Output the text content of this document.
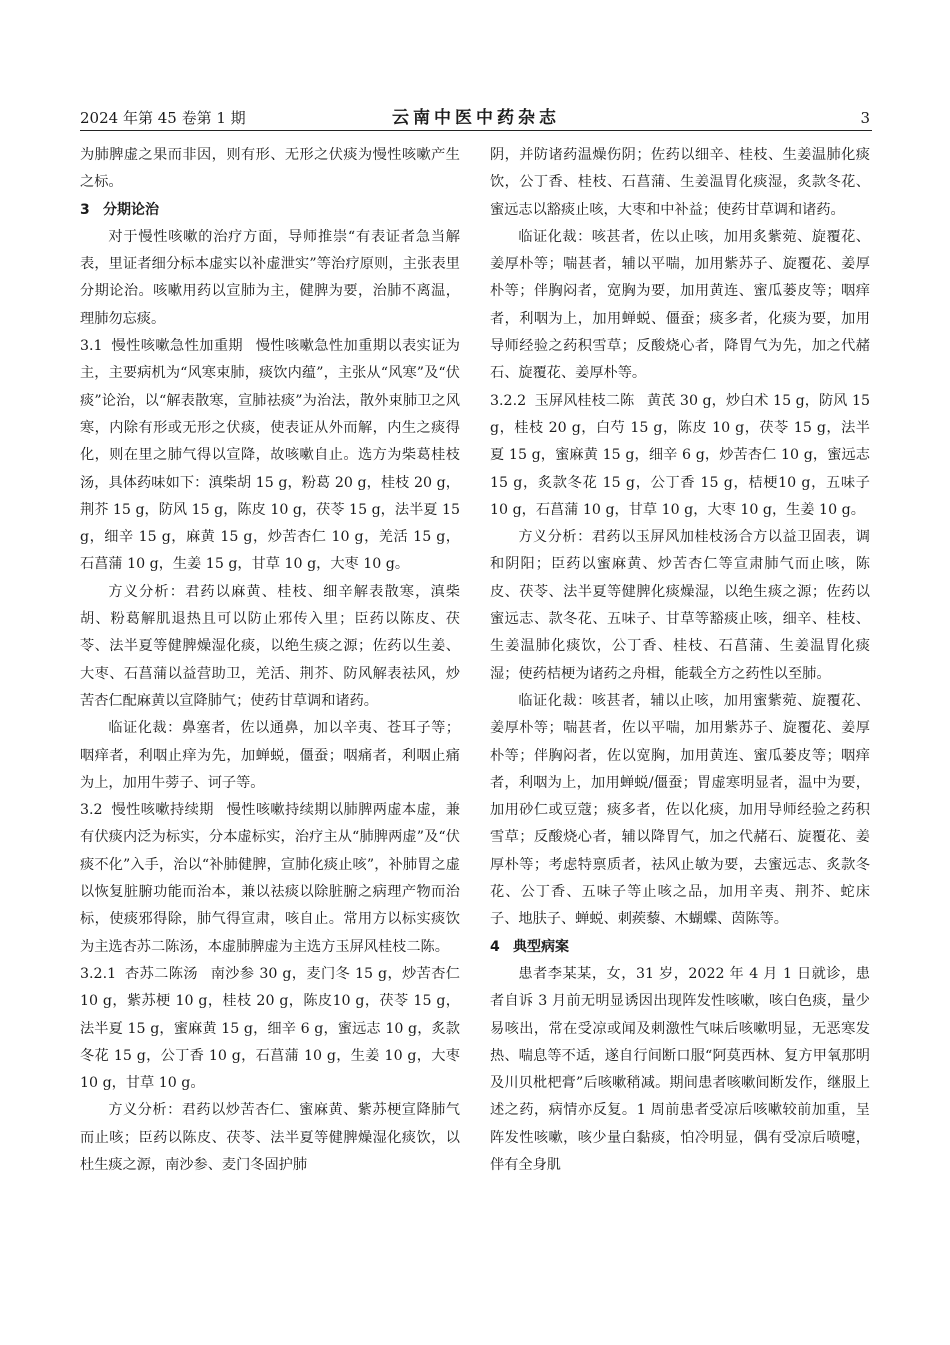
2024 年第 45 卷第 1 期	云南中医中药杂志	3

为肺脾虚之果而非因，则有形、无形之伏痰为慢性咳嗽产生之标。

3 分期论治

对于慢性咳嗽的治疗方面，导师推崇“有表证者急当解表，里证者细分标本虚实以补虚泄实”等治疗原则，主张表里分期论治。咳嗽用药以宣肺为主，健脾为要，治肺不离温，理肺勿忘痰。

3.1 慢性咳嗽急性加重期 慢性咳嗽急性加重期以表实证为主，主要病机为“风寒束肺，痰饮内蕴”，主张从“风寒”及“伏痰”论治，以“解表散寒，宣肺祛痰”为治法，散外束肺卫之风寒，内除有形或无形之伏痰，使表证从外而解，内生之痰得化，则在里之肺气得以宣降，故咳嗽自止。选方为柴葛桂枝汤，具体药味如下：滇柴胡 15 g，粉葛 20 g，桂枝 20 g，荆芥 15 g，防风 15 g，陈皮 10 g，茯苓 15 g，法半夏 15 g，细辛 15 g，麻黄 15 g，炒苦杏仁 10 g，羌活 15 g，石菖蒲 10 g，生姜 15 g，甘草 10 g，大枣 10 g。

方义分析：君药以麻黄、桂枝、细辛解表散寒，滇柴胡、粉葛解肌退热且可以防止邪传入里；臣药以陈皮、茯苓、法半夏等健脾燥湿化痰，以绝生痰之源；佐药以生姜、大枣、石菖蒲以益营助卫，羌活、荆芥、防风解表祛风，炒苦杏仁配麻黄以宣降肺气；使药甘草调和诸药。

临证化裁：鼻塞者，佐以通鼻，加以辛夷、苍耳子等；咽痒者，利咽止痒为先，加蝉蜕，僵蚕；咽痛者，利咽止痛为上，加用牛蒡子、诃子等。

3.2 慢性咳嗽持续期 慢性咳嗽持续期以肺脾两虚本虚，兼有伏痰内泛为标实，分本虚标实，治疗主从“肺脾两虚”及“伏痰不化”入手，治以“补肺健脾，宣肺化痰止咳”，补肺胃之虚以恢复脏腑功能而治本，兼以祛痰以除脏腑之病理产物而治标，使痰邪得除，肺气得宣肃，咳自止。常用方以标实痰饮为主选杏苏二陈汤，本虚肺脾虚为主选方玉屏风桂枝二陈。

3.2.1 杏苏二陈汤 南沙参 30 g，麦门冬 15 g，炒苦杏仁 10 g，紫苏梗 10 g，桂枝 20 g，陈皮10 g，茯苓 15 g，法半夏 15 g，蜜麻黄 15 g，细辛 6 g，蜜远志 10 g，炙款冬花 15 g，公丁香 10 g，石菖蒲 10 g，生姜 10 g，大枣 10 g，甘草 10 g。

方义分析：君药以炒苦杏仁、蜜麻黄、紫苏梗宣降肺气而止咳；臣药以陈皮、茯苓、法半夏等健脾燥湿化痰饮，以杜生痰之源，南沙参、麦门冬固护肺

阴，并防诸药温燥伤阴；佐药以细辛、桂枝、生姜温肺化痰饮，公丁香、桂枝、石菖蒲、生姜温胃化痰湿，炙款冬花、蜜远志以豁痰止咳，大枣和中补益；使药甘草调和诸药。

临证化裁：咳甚者，佐以止咳，加用炙紫菀、旋覆花、姜厚朴等；喘甚者，辅以平喘，加用紫苏子、旋覆花、姜厚朴等；伴胸闷者，宽胸为要，加用黄连、蜜瓜蒌皮等；咽痒者，利咽为上，加用蝉蜕、僵蚕；痰多者，化痰为要，加用导师经验之药积雪草；反酸烧心者，降胃气为先，加之代赭石、旋覆花、姜厚朴等。

3.2.2 玉屏风桂枝二陈 黄芪 30 g，炒白术 15 g，防风 15 g，桂枝 20 g，白芍 15 g，陈皮 10 g，茯苓 15 g，法半夏 15 g，蜜麻黄 15 g，细辛 6 g，炒苦杏仁 10 g，蜜远志 15 g，炙款冬花 15 g，公丁香 15 g，桔梗10 g，五味子 10 g，石菖蒲 10 g，甘草 10 g，大枣 10 g，生姜 10 g。

方义分析：君药以玉屏风加桂枝汤合方以益卫固表，调和阴阳；臣药以蜜麻黄、炒苦杏仁等宣肃肺气而止咳，陈皮、茯苓、法半夏等健脾化痰燥湿，以绝生痰之源；佐药以蜜远志、款冬花、五味子、甘草等豁痰止咳，细辛、桂枝、生姜温肺化痰饮，公丁香、桂枝、石菖蒲、生姜温胃化痰湿；使药桔梗为诸药之舟楫，能载全方之药性以至肺。

临证化裁：咳甚者，辅以止咳，加用蜜紫菀、旋覆花、姜厚朴等；喘甚者，佐以平喘，加用紫苏子、旋覆花、姜厚朴等；伴胸闷者，佐以宽胸，加用黄连、蜜瓜蒌皮等；咽痒者，利咽为上，加用蝉蜕/僵蚕；胃虚寒明显者，温中为要，加用砂仁或豆蔻；痰多者，佐以化痰，加用导师经验之药积雪草；反酸烧心者，辅以降胃气，加之代赭石、旋覆花、姜厚朴等；考虑特禀质者，祛风止敏为要，去蜜远志、炙款冬花、公丁香、五味子等止咳之品，加用辛夷、荆芥、蛇床子、地肤子、蝉蜕、刺蒺藜、木蝴蝶、茵陈等。

4 典型病案

患者李某某，女，31 岁，2022 年 4 月 1 日就诊，患者自诉 3 月前无明显诱因出现阵发性咳嗽，咳白色痰，量少易咳出，常在受凉或闻及刺激性气味后咳嗽明显，无恶寒发热、喘息等不适，遂自行间断口服“阿莫西林、复方甲氧那明及川贝枇杷膏”后咳嗽稍减。期间患者咳嗽间断发作，继服上述之药，病情亦反复。1 周前患者受凉后咳嗽较前加重，呈阵发性咳嗽，咳少量白黏痰，怕冷明显，偶有受凉后喷嚏，伴有全身肌
